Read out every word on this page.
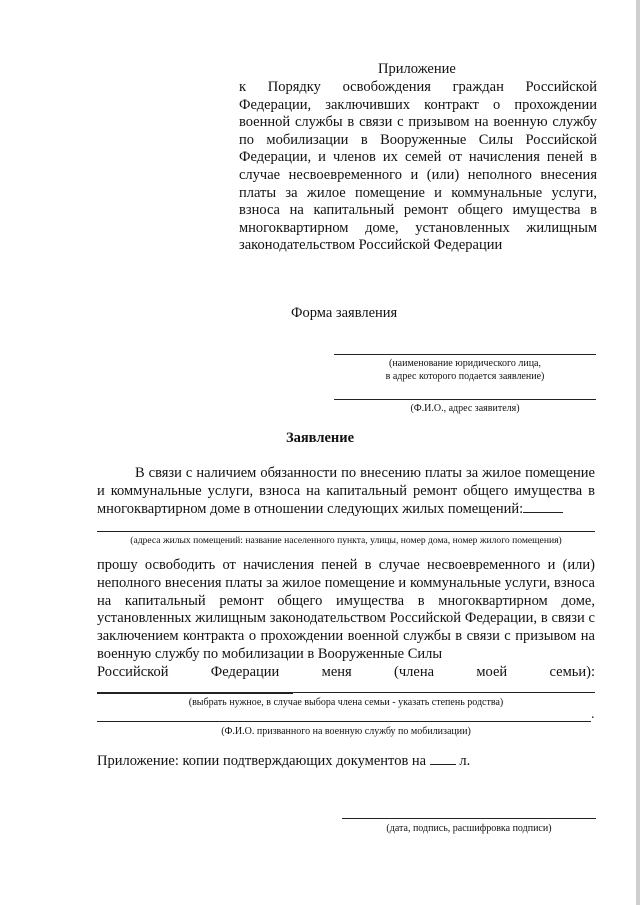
Приложение
к Порядку освобождения граждан Российской Федерации, заключивших контракт о прохождении военной службы в связи с призывом на военную службу по мобилизации в Вооруженные Силы Российской Федерации, и членов их семей от начисления пеней в случае несвоевременного и (или) неполного внесения платы за жилое помещение и коммунальные услуги, взноса на капитальный ремонт общего имущества в многоквартирном доме, установленных жилищным законодательством Российской Федерации
Форма заявления
(наименование юридического лица,
в адрес которого подается заявление)
(Ф.И.О., адрес заявителя)
Заявление
В связи с наличием обязанности по внесению платы за жилое помещение и коммунальные услуги, взноса на капитальный ремонт общего имущества в многоквартирном доме в отношении следующих жилых помещений:
(адреса жилых помещений: название населенного пункта, улицы, номер дома, номер жилого помещения)
прошу освободить от начисления пеней в случае несвоевременного и (или) неполного внесения платы за жилое помещение и коммунальные услуги, взноса на капитальный ремонт общего имущества в многоквартирном доме, установленных жилищным законодательством Российской Федерации, в связи с заключением контракта о прохождении военной службы в связи с призывом на военную службу по мобилизации в Вооруженные Силы
Российской Федерации меня (члена моей семьи):
(выбрать нужное, в случае выбора члена семьи - указать степень родства)
.
(Ф.И.О. призванного на военную службу по мобилизации)
Приложение: копии подтверждающих документов на л.
(дата, подпись, расшифровка подписи)
